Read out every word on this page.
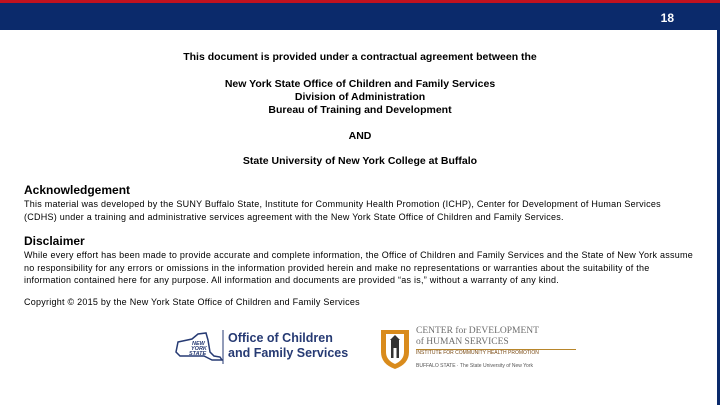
18
This document is provided under a contractual agreement between the
New York State Office of Children and Family Services
Division of Administration
Bureau of Training and Development
AND
State University of New York College at Buffalo
Acknowledgement
This material was developed by the SUNY Buffalo State, Institute for Community Health Promotion (ICHP), Center for Development of Human Services (CDHS) under a training and administrative services agreement with the New York State Office of Children and Family Services.
Disclaimer
While every effort has been made to provide accurate and complete information, the Office of Children and Family Services and the State of New York assume no responsibility for any errors or omissions in the information provided herein and make no representations or warranties about the suitability of the information contained here for any purpose. All information and documents are provided “as is,” without a warranty of any kind.
Copyright © 2015 by the New York State Office of Children and Family Services
NEW
YORK
STATE
Office of Children
and Family Services
CENTER for DEVELOPMENT
of HUMAN SERVICES
INSTITUTE FOR COMMUNITY HEALTH PROMOTION
BUFFALO STATE · The State University of New York
